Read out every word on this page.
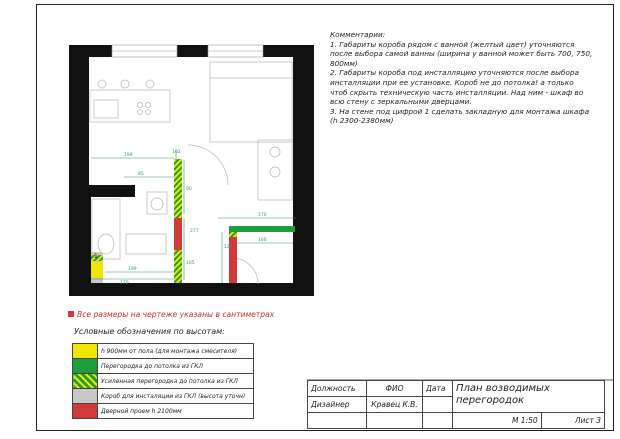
199
85
102
90
277
170
160
122
165
199
170
1
Комментарии:
1. Габариты короба рядом с ванной (желтый цвет) уточняются
после выбора самой ванны (ширина у ванной может быть 700, 750,
800мм)
2. Габариты короба под инсталляцию уточняются после выбора
инсталляции при ее установке. Короб не до потолка! а только
чтоб скрыть техническую часть инсталляции. Над ним - шкаф во
всю стену с зеркальными дверцами.
3. На стене под цифрой 1 сделать закладную для монтажа шкафа
(h 2300-2380мм)
Все размеры на чертеже указаны в сантиметрах
Условные обозначения по высотам:
	h 900мм от пола (для монтажа смесителя)
	Перегородка до потолка из ГКЛ
	Усиленная перегородка до потолка из ГКЛ
	Короб для инсталяции из ГКЛ (высота уточн)
	Дверной проем h 2100мм
Должность	ФИО	Дата	План возводимых перегородок	
Дизайнер	Кравец К.В.			
			М 1:50	Лист 3
